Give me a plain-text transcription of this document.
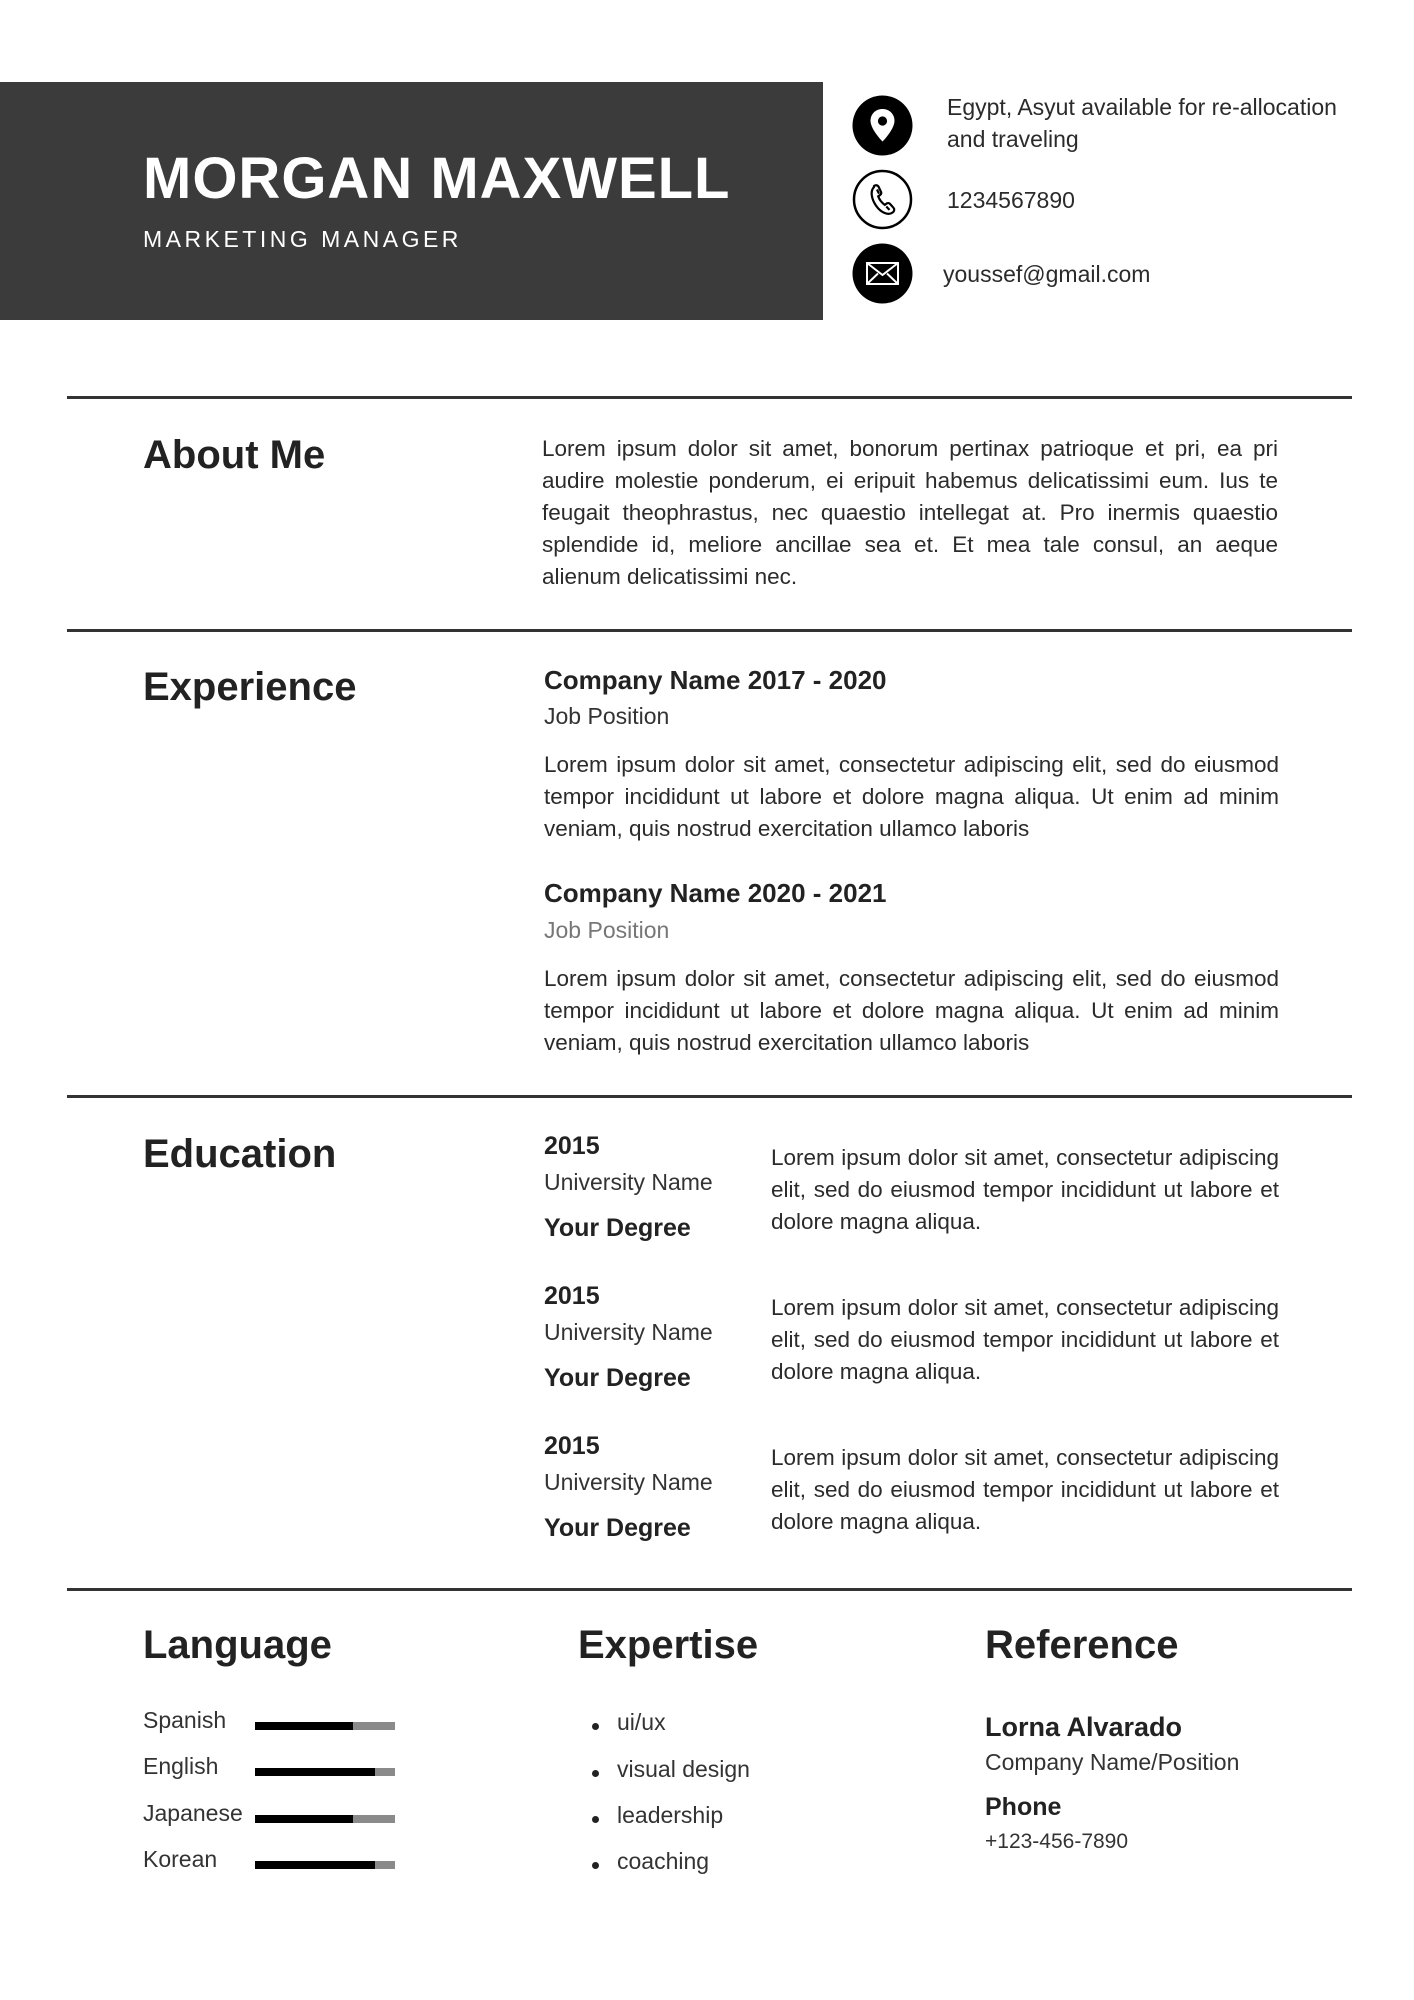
MORGAN MAXWELL
MARKETING MANAGER
Egypt, Asyut available for re-allocation
and traveling
1234567890
youssef@gmail.com
About Me	Lorem ipsum dolor sit amet, bonorum pertinax patrioque et pri, ea pri audire molestie ponderum, ei eripuit habemus delicatissimi eum. Ius te feugait theophrastus, nec quaestio intellegat at. Pro inermis quaestio splendide id, meliore ancillae sea et. Et mea tale consul, an aeque alienum delicatissimi nec.
Experience	Company Name 2017 - 2020
Job Position
Lorem ipsum dolor sit amet, consectetur adipiscing elit, sed do eiusmod tempor incididunt ut labore et dolore magna aliqua. Ut enim ad minim veniam, quis nostrud exercitation ullamco laboris
Company Name 2020 - 2021
Job Position
Lorem ipsum dolor sit amet, consectetur adipiscing elit, sed do eiusmod tempor incididunt ut labore et dolore magna aliqua. Ut enim ad minim veniam, quis nostrud exercitation ullamco laboris
Education	2015
University Name
Your Degree
Lorem ipsum dolor sit amet, consectetur adipiscing elit, sed do eiusmod tempor incididunt ut labore et dolore magna aliqua.
2015
University Name
Your Degree
Lorem ipsum dolor sit amet, consectetur adipiscing elit, sed do eiusmod tempor incididunt ut labore et dolore magna aliqua.
2015
University Name
Your Degree
Lorem ipsum dolor sit amet, consectetur adipiscing elit, sed do eiusmod tempor incididunt ut labore et dolore magna aliqua.
Language
Spanish
English
Japanese
Korean
Expertise
ui/ux
visual design
leadership
coaching
Reference
Lorna Alvarado
Company Name/Position
Phone
+123-456-7890
